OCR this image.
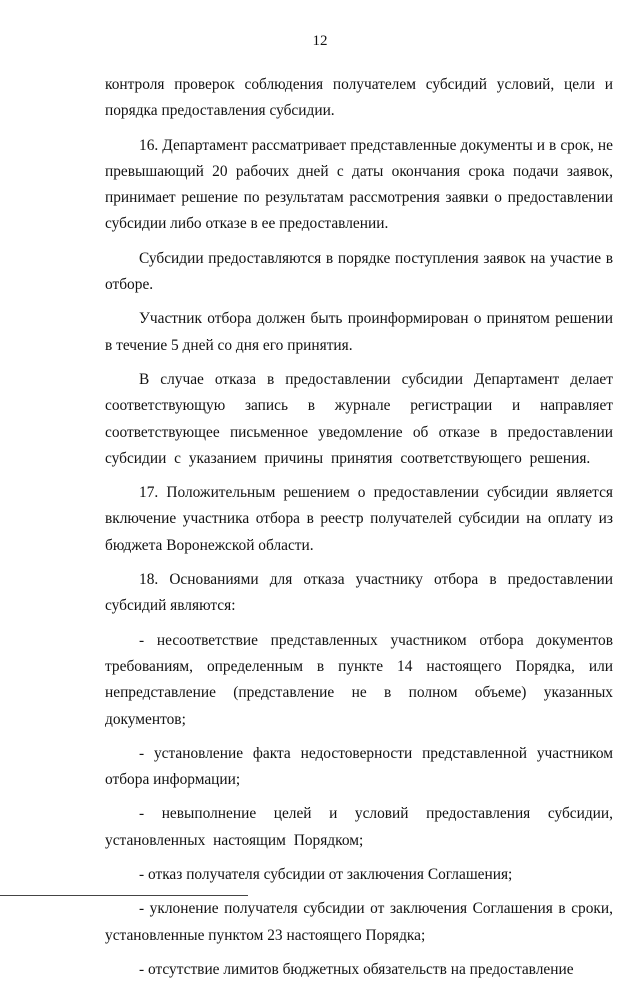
12

контроля проверок соблюдения получателем субсидий условий, цели и порядка предоставления субсидии.

16. Департамент рассматривает представленные документы и в срок, не превышающий 20 рабочих дней с даты окончания срока подачи заявок, принимает решение по результатам рассмотрения заявки о предоставлении субсидии либо отказе в ее предоставлении.

Субсидии предоставляются в порядке поступления заявок на участие в отборе.

Участник отбора должен быть проинформирован о принятом решении в течение 5 дней со дня его принятия.

В случае отказа в предоставлении субсидии Департамент делает соответствующую запись в журнале регистрации и направляет соответствующее письменное уведомление об отказе в предоставлении субсидии с указанием причины принятия соответствующего решения.

17. Положительным решением о предоставлении субсидии является включение участника отбора в реестр получателей субсидии на оплату из бюджета Воронежской области.

18. Основаниями для отказа участнику отбора в предоставлении субсидий являются:

- несоответствие представленных участником отбора документов требованиям, определенным в пункте 14 настоящего Порядка, или непредставление (представление не в полном объеме) указанных документов;

- установление факта недостоверности представленной участником отбора информации;

- невыполнение целей и условий предоставления субсидии, установленных настоящим Порядком;

- отказ получателя субсидии от заключения Соглашения;

- уклонение получателя субсидии от заключения Соглашения в сроки, установленные пунктом 23 настоящего Порядка;

- отсутствие лимитов бюджетных обязательств на предоставление
